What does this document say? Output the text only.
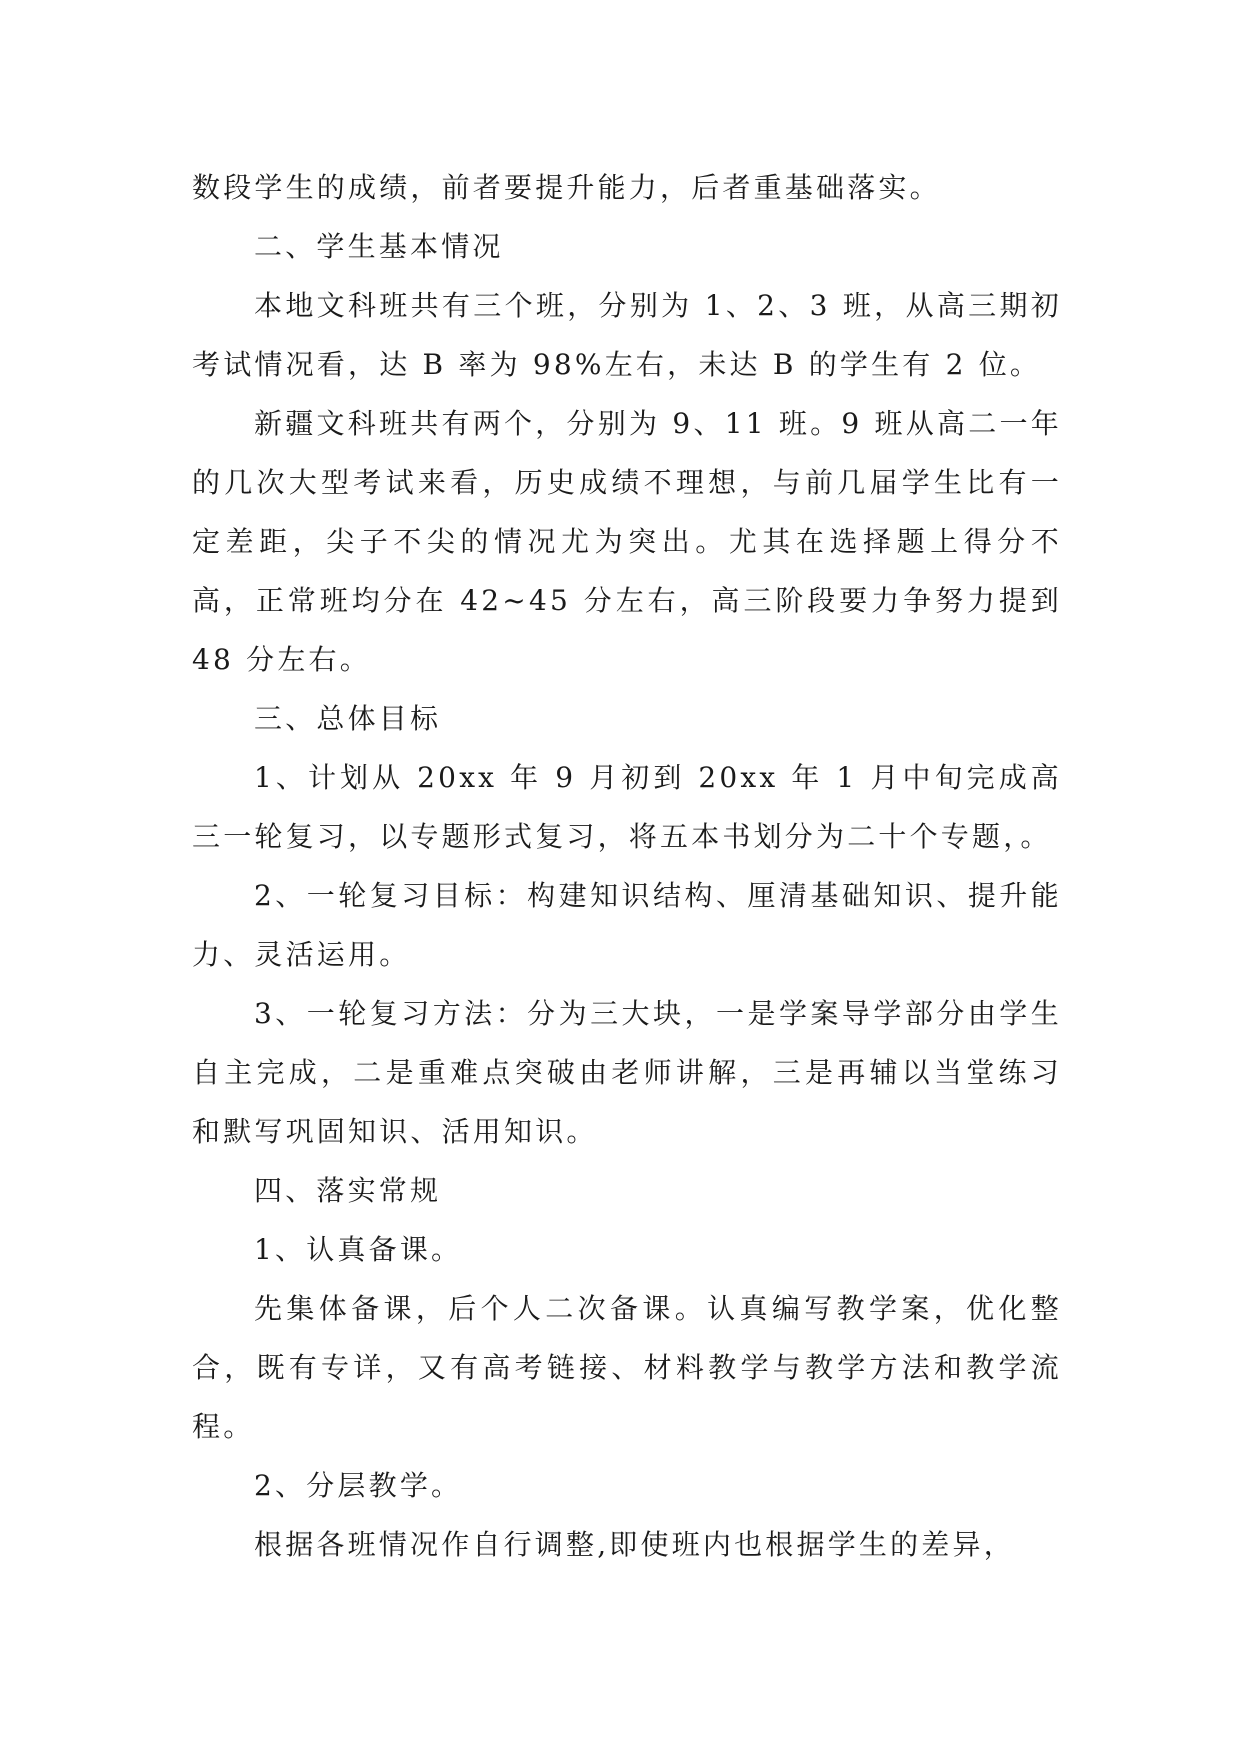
数段学生的成绩，前者要提升能力，后者重基础落实。

二、学生基本情况

本地文科班共有三个班，分别为 1、2、3 班，从高三期初考试情况看，达 B 率为 98%左右，未达 B 的学生有 2 位。

新疆文科班共有两个，分别为 9、11 班。9 班从高二一年的几次大型考试来看，历史成绩不理想，与前几届学生比有一定差距，尖子不尖的情况尤为突出。尤其在选择题上得分不高，正常班均分在 42~45 分左右，高三阶段要力争努力提到 48 分左右。

三、总体目标

1、计划从 20xx 年 9 月初到 20xx 年 1 月中旬完成高三一轮复习，以专题形式复习，将五本书划分为二十个专题，。

2、一轮复习目标：构建知识结构、厘清基础知识、提升能力、灵活运用。

3、一轮复习方法：分为三大块，一是学案导学部分由学生自主完成，二是重难点突破由老师讲解，三是再辅以当堂练习和默写巩固知识、活用知识。

四、落实常规

1、认真备课。

先集体备课，后个人二次备课。认真编写教学案，优化整合，既有专详，又有高考链接、材料教学与教学方法和教学流程。

2、分层教学。

根据各班情况作自行调整,即使班内也根据学生的差异，
